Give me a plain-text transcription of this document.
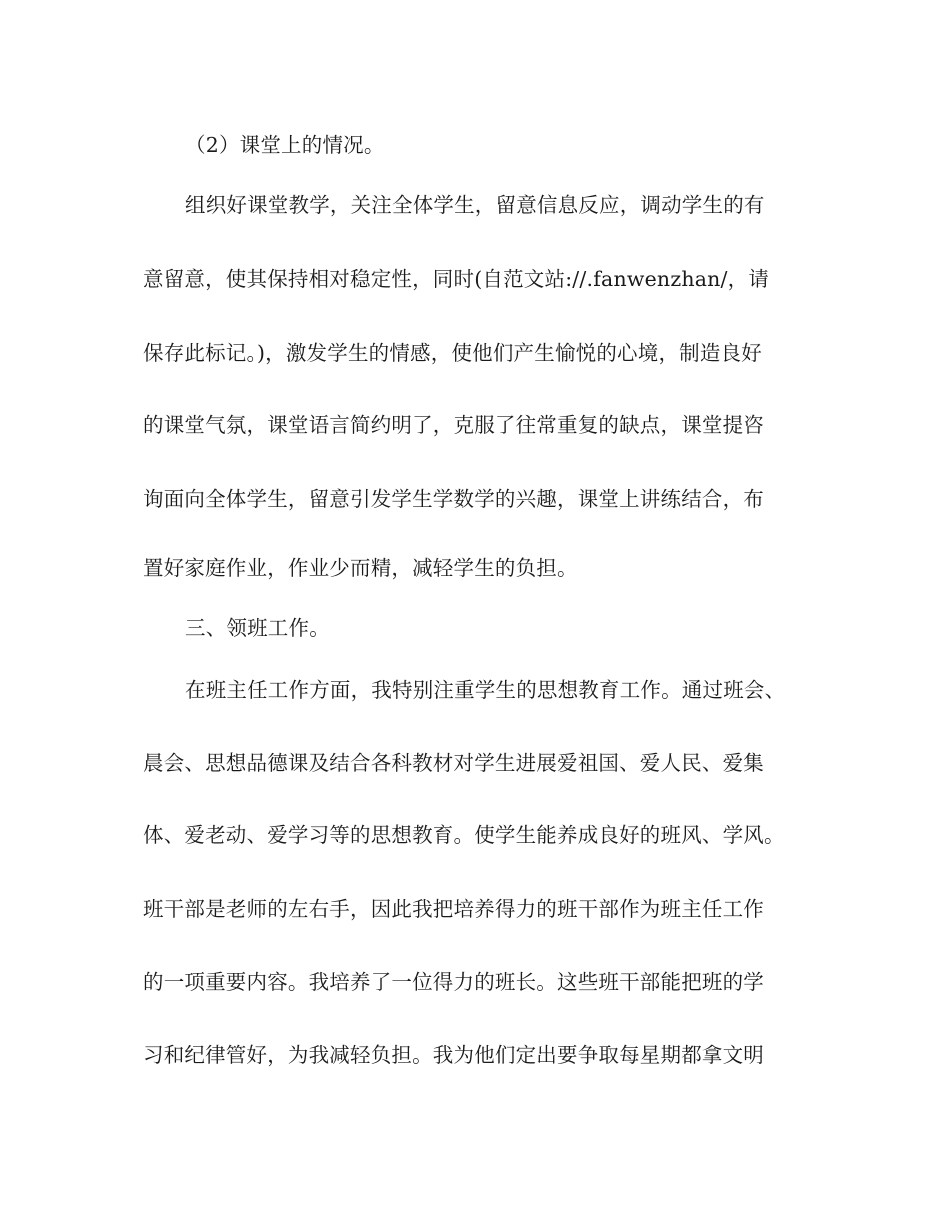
（2）课堂上的情况。
组织好课堂教学，关注全体学生，留意信息反应，调动学生的有
意留意，使其保持相对稳定性，同时(自范文站://.fanwenzhan/，请
保存此标记。)，激发学生的情感，使他们产生愉悦的心境，制造良好
的课堂气氛，课堂语言简约明了，克服了往常重复的缺点，课堂提咨
询面向全体学生，留意引发学生学数学的兴趣，课堂上讲练结合，布
置好家庭作业，作业少而精，减轻学生的负担。
三、领班工作。
在班主任工作方面，我特别注重学生的思想教育工作。通过班会、
晨会、思想品德课及结合各科教材对学生进展爱祖国、爱人民、爱集
体、爱老动、爱学习等的思想教育。使学生能养成良好的班风、学风。
班干部是老师的左右手，因此我把培养得力的班干部作为班主任工作
的一项重要内容。我培养了一位得力的班长。这些班干部能把班的学
习和纪律管好，为我减轻负担。我为他们定出要争取每星期都拿文明
